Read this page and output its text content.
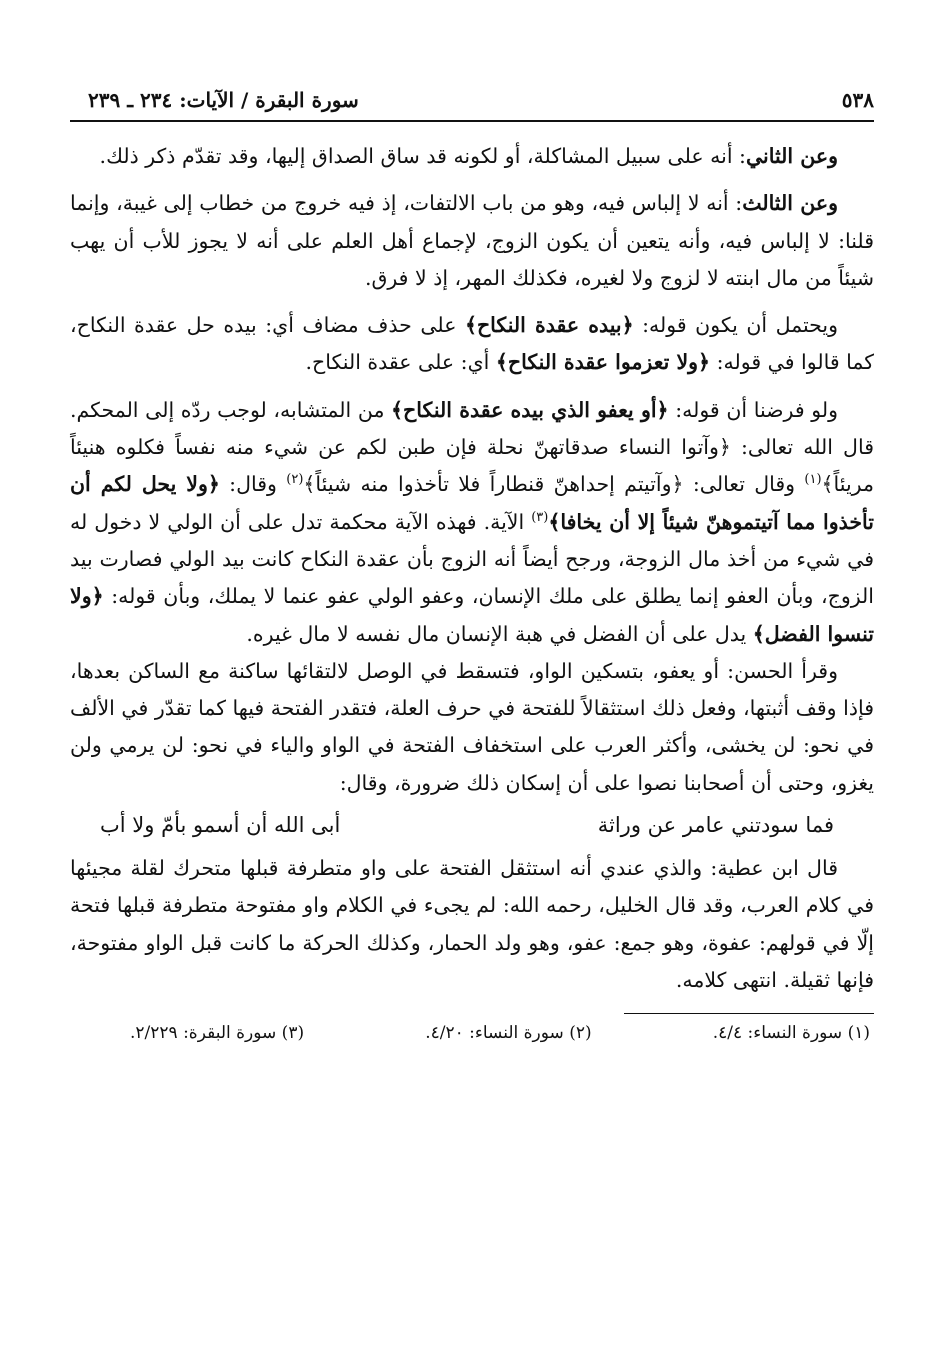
٥٣٨
سورة البقرة / الآيات: ٢٣٤ ـ ٢٣٩

وعن الثاني: أنه على سبيل المشاكلة، أو لكونه قد ساق الصداق إليها، وقد تقدّم ذكر ذلك.

وعن الثالث: أنه لا إلباس فيه، وهو من باب الالتفات، إذ فيه خروج من خطاب إلى غيبة، وإنما قلنا: لا إلباس فيه، وأنه يتعين أن يكون الزوج، لإجماع أهل العلم على أنه لا يجوز للأب أن يهب شيئاً من مال ابنته لا لزوج ولا لغيره، فكذلك المهر، إذ لا فرق.

ويحتمل أن يكون قوله: ﴿بيده عقدة النكاح﴾ على حذف مضاف أي: بيده حل عقدة النكاح، كما قالوا في قوله: ﴿ولا تعزموا عقدة النكاح﴾ أي: على عقدة النكاح.

ولو فرضنا أن قوله: ﴿أو يعفو الذي بيده عقدة النكاح﴾ من المتشابه، لوجب ردّه إلى المحكم. قال الله تعالى: ﴿وآتوا النساء صدقاتهنّ نحلة فإن طبن لكم عن شيء منه نفساً فكلوه هنيئاً مريئاً﴾$^{(١)}$ وقال تعالى: ﴿وآتيتم إحداهنّ قنطاراً فلا تأخذوا منه شيئاً﴾$^{(٢)}$ وقال: ﴿ولا يحل لكم أن تأخذوا مما آتيتموهنّ شيئاً إلا أن يخافا﴾$^{(٣)}$ الآية. فهذه الآية محكمة تدل على أن الولي لا دخول له في شيء من أخذ مال الزوجة، ورجح أيضاً أنه الزوج بأن عقدة النكاح كانت بيد الولي فصارت بيد الزوج، وبأن العفو إنما يطلق على ملك الإنسان، وعفو الولي عفو عنما لا يملك، وبأن قوله: ﴿ولا تنسوا الفضل﴾ يدل على أن الفضل في هبة الإنسان مال نفسه لا مال غيره.

وقرأ الحسن: أو يعفو، بتسكين الواو، فتسقط في الوصل لالتقائها ساكنة مع الساكن بعدها، فإذا وقف أثبتها، وفعل ذلك استثقالاً للفتحة في حرف العلة، فتقدر الفتحة فيها كما تقدّر في الألف في نحو: لن يخشى، وأكثر العرب على استخفاف الفتحة في الواو والياء في نحو: لن يرمي ولن يغزو، وحتى أن أصحابنا نصوا على أن إسكان ذلك ضرورة، وقال:

فما سودتني عامر عن وراثة
أبى الله أن أسمو بأمّ ولا أب

قال ابن عطية: والذي عندي أنه استثقل الفتحة على واو متطرفة قبلها متحرك لقلة مجيئها في كلام العرب، وقد قال الخليل، رحمه الله: لم يجىء في الكلام واو مفتوحة متطرفة قبلها فتحة إلّا في قولهم: عفوة، وهو جمع: عفو، وهو ولد الحمار، وكذلك الحركة ما كانت قبل الواو مفتوحة، فإنها ثقيلة. انتهى كلامه.

(١) سورة النساء: ٤/٤.
(٢) سورة النساء: ٤/٢٠.
(٣) سورة البقرة: ٢/٢٢٩.
